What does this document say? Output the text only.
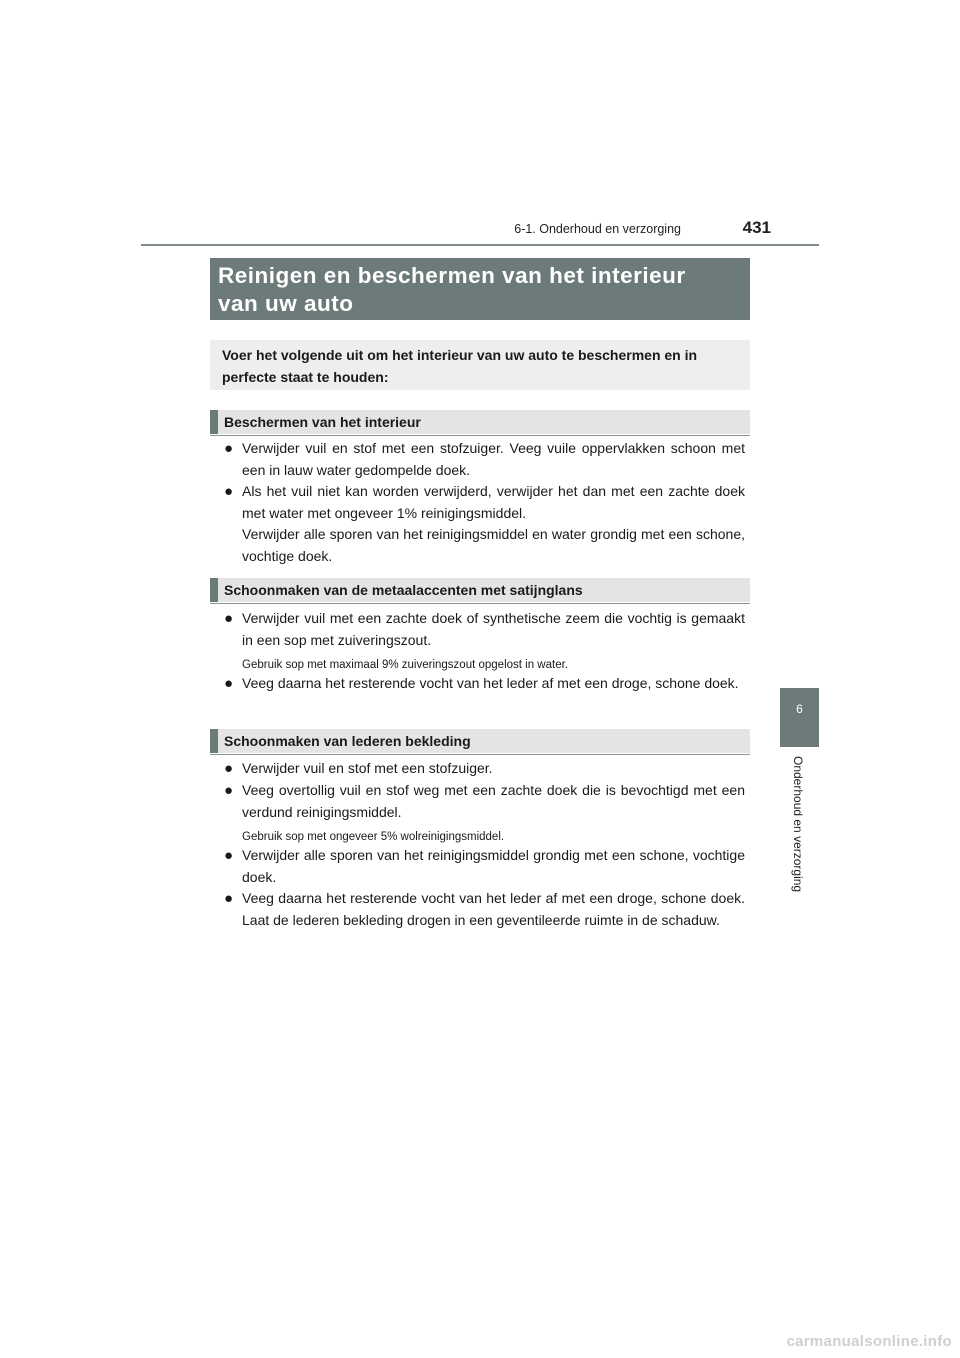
6-1. Onderhoud en verzorging	431
Reinigen en beschermen van het interieur
van uw auto
Voer het volgende uit om het interieur van uw auto te beschermen en in
perfecte staat te houden:
Beschermen van het interieur
● Verwijder vuil en stof met een stofzuiger. Veeg vuile oppervlakken schoon met een in lauw water gedompelde doek.
● Als het vuil niet kan worden verwijderd, verwijder het dan met een zachte doek met water met ongeveer 1% reinigingsmiddel.
Verwijder alle sporen van het reinigingsmiddel en water grondig met een schone, vochtige doek.
Schoonmaken van de metaalaccenten met satijnglans
● Verwijder vuil met een zachte doek of synthetische zeem die vochtig is gemaakt in een sop met zuiveringszout.
Gebruik sop met maximaal 9% zuiveringszout opgelost in water.
● Veeg daarna het resterende vocht van het leder af met een droge, schone doek.
Schoonmaken van lederen bekleding
● Verwijder vuil en stof met een stofzuiger.
● Veeg overtollig vuil en stof weg met een zachte doek die is bevochtigd met een verdund reinigingsmiddel.
Gebruik sop met ongeveer 5% wolreinigingsmiddel.
● Verwijder alle sporen van het reinigingsmiddel grondig met een schone, vochtige doek.
● Veeg daarna het resterende vocht van het leder af met een droge, schone doek. Laat de lederen bekleding drogen in een geventileerde ruimte in de schaduw.
6
Onderhoud en verzorging
carmanualsonline.info
